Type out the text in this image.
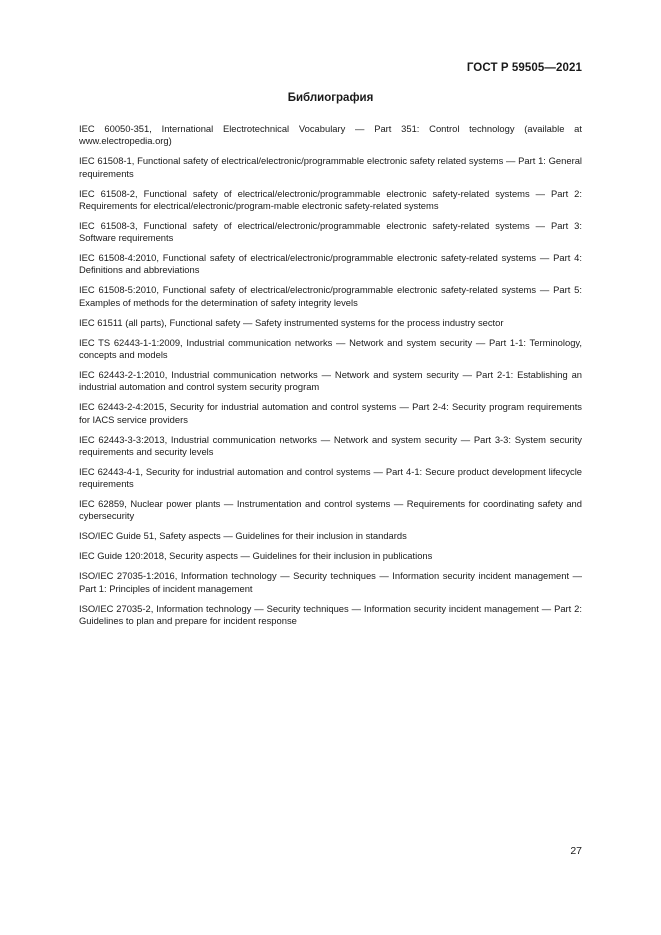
ГОСТ Р 59505—2021
Библиография
IEC 60050-351, International Electrotechnical Vocabulary — Part 351: Control technology (available at www.electropedia.org)
IEC 61508-1, Functional safety of electrical/electronic/programmable electronic safety related systems — Part 1: General requirements
IEC 61508-2, Functional safety of electrical/electronic/programmable electronic safety-related systems — Part 2: Requirements for electrical/electronic/program-mable electronic safety-related systems
IEC 61508-3, Functional safety of electrical/electronic/programmable electronic safety-related systems — Part 3: Software requirements
IEC 61508-4:2010, Functional safety of electrical/electronic/programmable electronic safety-related systems — Part 4: Definitions and abbreviations
IEC 61508-5:2010, Functional safety of electrical/electronic/programmable electronic safety-related systems — Part 5: Examples of methods for the determination of safety integrity levels
IEC 61511 (all parts), Functional safety — Safety instrumented systems for the process industry sector
IEC TS 62443-1-1:2009, Industrial communication networks — Network and system security — Part 1-1: Terminology, concepts and models
IEC 62443-2-1:2010, Industrial communication networks — Network and system security — Part 2-1: Establishing an industrial automation and control system security program
IEC 62443-2-4:2015, Security for industrial automation and control systems — Part 2-4: Security program requirements for IACS service providers
IEC 62443-3-3:2013, Industrial communication networks — Network and system security — Part 3-3: System security requirements and security levels
IEC 62443-4-1, Security for industrial automation and control systems — Part 4-1: Secure product development lifecycle requirements
IEC 62859, Nuclear power plants — Instrumentation and control systems — Requirements for coordinating safety and cybersecurity
ISO/IEC Guide 51, Safety aspects — Guidelines for their inclusion in standards
IEC Guide 120:2018, Security aspects — Guidelines for their inclusion in publications
ISO/IEC 27035-1:2016, Information technology — Security techniques — Information security incident management — Part 1: Principles of incident management
ISO/IEC 27035-2, Information technology — Security techniques — Information security incident management — Part 2: Guidelines to plan and prepare for incident response
27
